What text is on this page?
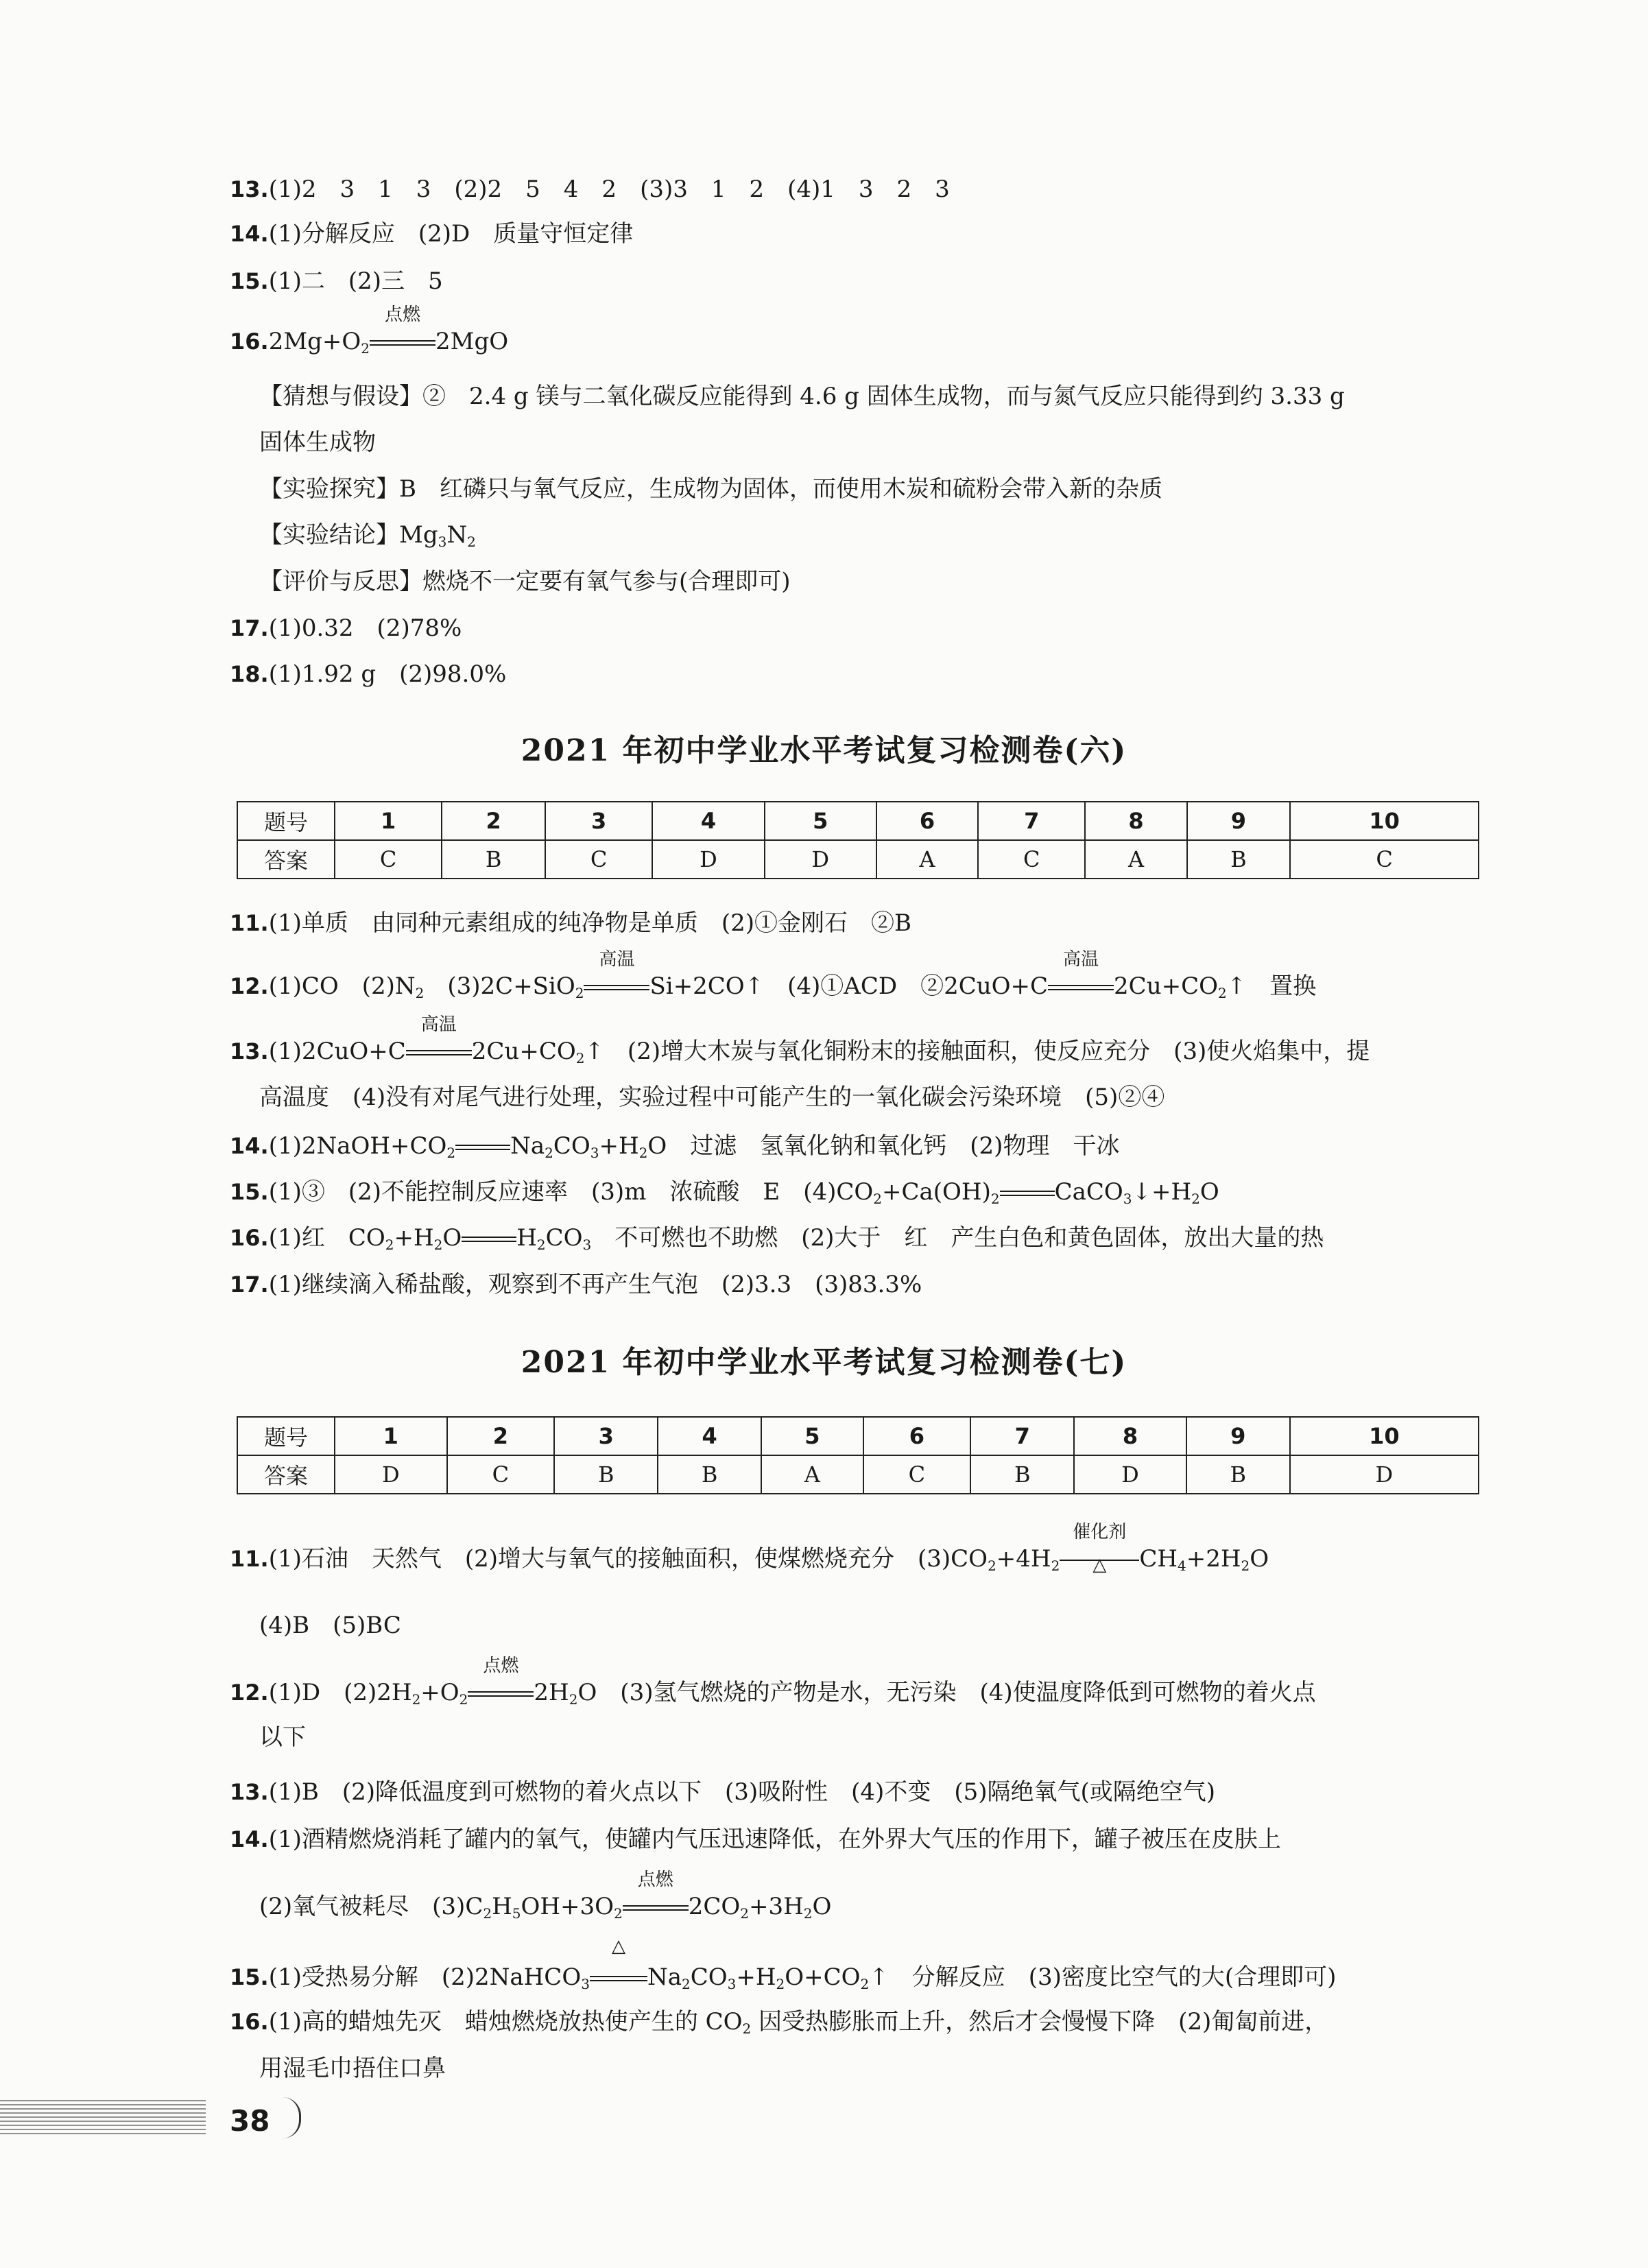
13.(1)2　3　1　3　(2)2　5　4　2　(3)3　1　2　(4)1　3　2　3
14.(1)分解反应　(2)D　质量守恒定律
15.(1)二　(2)三　5
$16.2Mg+O_2$
点燃
2MgO
【猜想与假设】②　2.4 g 镁与二氧化碳反应能得到 4.6 g 固体生成物，而与氮气反应只能得到约 3.33 g
固体生成物
【实验探究】B　红磷只与氧气反应，生成物为固体，而使用木炭和硫粉会带入新的杂质
【实验结论】$Mg_3N_2$
【评价与反思】燃烧不一定要有氧气参与(合理即可)
17.(1)0.32　(2)78%
18.(1)1.92 g　(2)98.0%
2021 年初中学业水平考试复习检测卷(六)
题号	1	2	3	4	5	6	7	8	9	10
答案	C	B	C	D	D	A	C	A	B	C
11.(1)单质　由同种元素组成的纯净物是单质　(2)①金刚石　②B
12.(1)CO　$(2)N_2$　(3)2C+SiO$_2$
高温
Si+2CO↑　(4)①ACD　②2CuO+C
高温
$2Cu+CO_2↑$　置换
13.(1)2CuO+C
高温
$2Cu+CO_2↑$　(2)增大木炭与氧化铜粉末的接触面积，使反应充分　(3)使火焰集中，提
高温度　(4)没有对尾气进行处理，实验过程中可能产生的一氧化碳会污染环境　(5)②④
$14.(1)2NaOH+CO_2$ $Na_2CO_3+H_2O$　过滤　氢氧化钠和氧化钙　(2)物理　干冰
15.(1)③　(2)不能控制反应速率　(3)m　浓硫酸　E　$(4)CO_2+Ca(OH)_2$ $CaCO_3↓+H_2O$
16.(1)红　$CO_2+H_2O$ $H_2CO_3$　不可燃也不助燃　(2)大于　红　产生白色和黄色固体，放出大量的热
17.(1)继续滴入稀盐酸，观察到不再产生气泡　(2)3.3　(3)83.3%
2021 年初中学业水平考试复习检测卷(七)
题号	1	2	3	4	5	6	7	8	9	10
答案	D	C	B	B	A	C	B	D	B	D
11.(1)石油　天然气　(2)增大与氧气的接触面积，使煤燃烧充分　$(3)CO_2+4H_2$
催化剂
△	$CH_4+2H_2O$
(4)B　(5)BC
12.(1)D　$(2)2H_2+O_2$
点燃
$2H_2O$　(3)氢气燃烧的产物是水，无污染　(4)使温度降低到可燃物的着火点
以下
13.(1)B　(2)降低温度到可燃物的着火点以下　(3)吸附性　(4)不变　(5)隔绝氧气(或隔绝空气)
14.(1)酒精燃烧消耗了罐内的氧气，使罐内气压迅速降低，在外界大气压的作用下，罐子被压在皮肤上
(2)氧气被耗尽　$(3)C_2H_5OH+3O_2$
点燃
$2CO_2+3H_2O$
15.(1)受热易分解　(2)2NaHCO$_3$
△
$Na_2CO_3+H_2O+CO_2↑$　分解反应　(3)密度比空气的大(合理即可)
16.(1)高的蜡烛先灭　蜡烛燃烧放热使产生的 $CO_2$ 因受热膨胀而上升，然后才会慢慢下降　(2)匍匐前进，
用湿毛巾捂住口鼻
38
